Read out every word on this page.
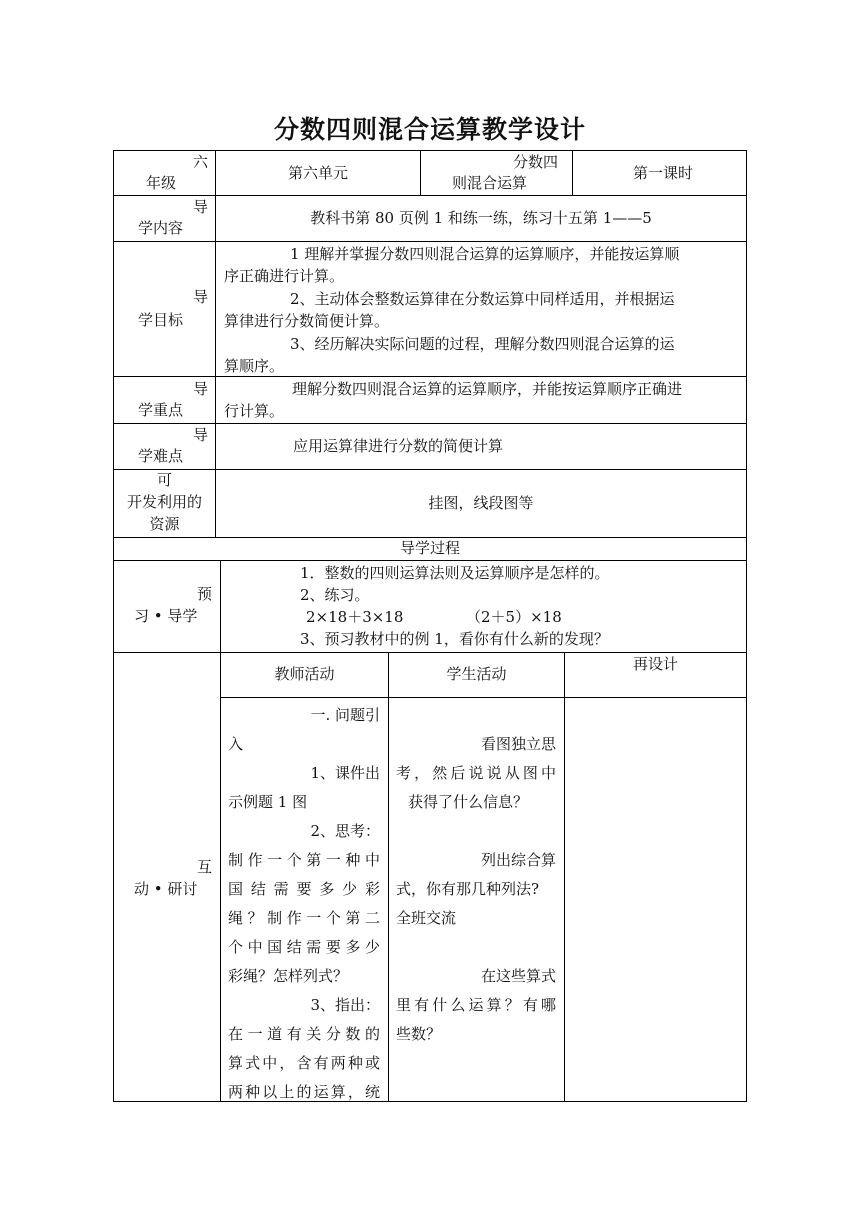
分数四则混合运算教学设计
六
年级
第六单元
分数四
则混合运算
第一课时
导
学内容
教科书第 80 页例 1 和练一练，练习十五第 1——5
导
学目标
1 理解并掌握分数四则混合运算的运算顺序，并能按运算顺
序正确进行计算。
2、主动体会整数运算律在分数运算中同样适用，并根据运
算律进行分数简便计算。
3、经历解决实际问题的过程，理解分数四则混合运算的运
算顺序。
导
学重点
理解分数四则混合运算的运算顺序，并能按运算顺序正确进
行计算。
导
学难点
应用运算律进行分数的简便计算
可
开发利用的
资源
挂图，线段图等
导学过程
预
习 • 导学
1．整数的四则运算法则及运算顺序是怎样的。
2、练习。
2×18＋3×18	（2＋5）×18
3、预习教材中的例 1，看你有什么新的发现？
互
动 • 研讨
教师活动	学生活动
再设计
一. 问题引
入
1、课件出
示例题 1 图
2、思考：
制作一个第一种中
国 结 需 要 多 少 彩
绳？制作一个第二
个中国结需要多少
彩绳？怎样列式？
3、指出：
在一道有关分数的
算式中，含有两种或
两种以上的运算，统
看图独立思
考，然后说说从图中
获得了什么信息？
列出综合算
式，你有那几种列法?
全班交流
在这些算式
里有什么运算？有哪
些数？
